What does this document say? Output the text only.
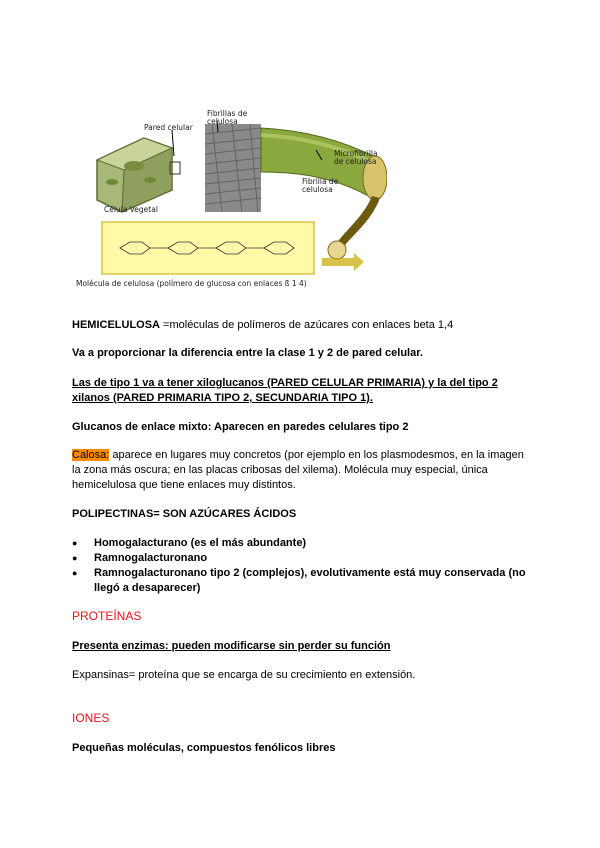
Pared celular
Fibrillas de celulosa
Célula Vegetal
Fibrilla de celulosa
Microfibrilla de celulosa
Molécula de celulosa (polímero de glucosa con enlaces ß 1 4)
HEMICELULOSA =moléculas de polímeros de azúcares con enlaces beta 1,4
Va a proporcionar la diferencia entre la clase 1 y 2 de pared celular.
Las de tipo 1 va a tener xiloglucanos (PARED CELULAR PRIMARIA) y la del tipo 2 xilanos (PARED PRIMARIA TIPO 2, SECUNDARIA TIPO 1).
Glucanos de enlace mixto: Aparecen en paredes celulares tipo 2
Calosa: aparece en lugares muy concretos (por ejemplo en los plasmodesmos, en la imagen la zona más oscura; en las placas cribosas del xilema). Molécula muy especial, única hemicelulosa que tiene enlaces muy distintos.
POLIPECTINAS= SON AZÚCARES ÁCIDOS
● Homogalacturano (es el más abundante)
● Ramnogalacturonano
● Ramnogalacturonano tipo 2 (complejos), evolutivamente está muy conservada (no llegó a desaparecer)
PROTEÍNAS
Presenta enzimas: pueden modificarse sin perder su función
Expansinas= proteína que se encarga de su crecimiento en extensión.
IONES
Pequeñas moléculas, compuestos fenólicos libres
